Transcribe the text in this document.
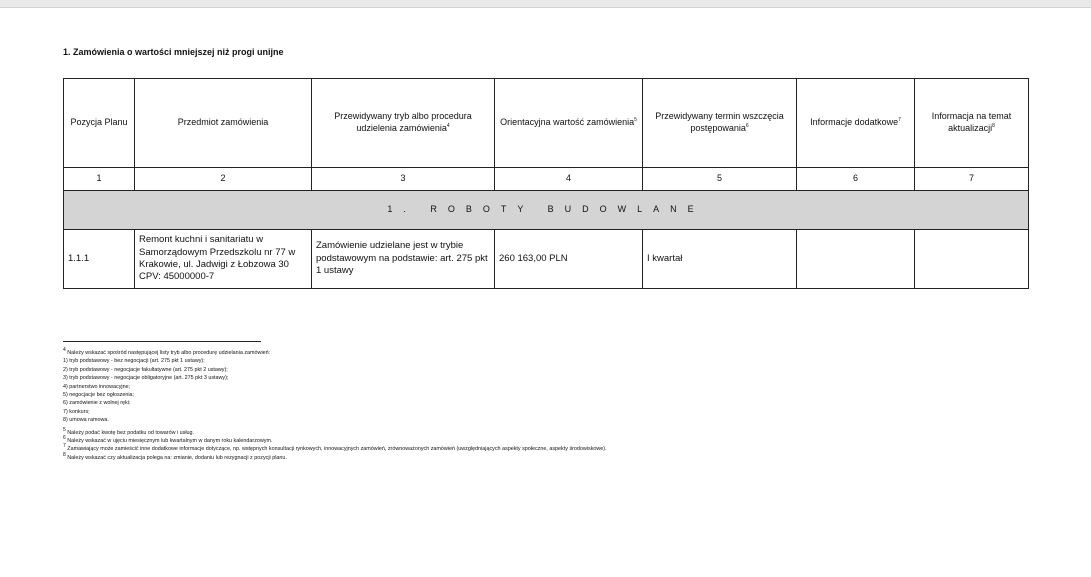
1. Zamówienia o wartości mniejszej niż progi unijne
Pozycja Planu	Przedmiot zamówienia	Przewidywany tryb albo procedura udzielenia zamówienia$^4$	Orientacyjna wartość zamówienia$^5$	Przewidywany termin wszczęcia postępowania$^6$	Informacje dodatkowe$^7$	Informacja na temat aktualizacji$^8$
1	2	3	4	5	6	7
1. ROBOTY BUDOWLANE						
1.1.1	Remont kuchni i sanitariatu w Samorządowym Przedszkolu nr 77 w Krakowie, ul. Jadwigi z Łobzowa 30 CPV: 45000000-7	Zamówienie udzielane jest w trybie podstawowym na podstawie: art. 275 pkt 1 ustawy	260 163,00 PLN	I kwartał		

$^4$ Należy wskazać spośród następującej listy tryb albo procedurę udzielania zamówień:

1) tryb podstawowy - bez negocjacji (art. 275 pkt 1 ustawy);
2) tryb podstawowy - negocjacje fakultatywne (art. 275 pkt 2 ustawy);
3) tryb podstawowy - negocjacje obligatoryjne (art. 275 pkt 3 ustawy);
4) partnerstwo innowacyjne;
5) negocjacje bez ogłoszenia;
6) zamówienie z wolnej ręki;
7) konkurs;
8) umowa ramowa.

$^5$ Należy podać kwotę bez podatku od towarów i usług.

$^6$ Należy wskazać w ujęciu miesięcznym lub kwartalnym w danym roku kalendarzowym.

$^7$ Zamawiający może zamieścić inne dodatkowe informacje dotyczące, np. wstępnych konsultacji rynkowych, innowacyjnych zamówień, zrównoważonych zamówień (uwzględniających aspekty społeczne, aspekty środowiskowe).

$^8$ Należy wskazać czy aktualizacja polega na: zmianie, dodaniu lub rezygnacji z pozycji planu.
